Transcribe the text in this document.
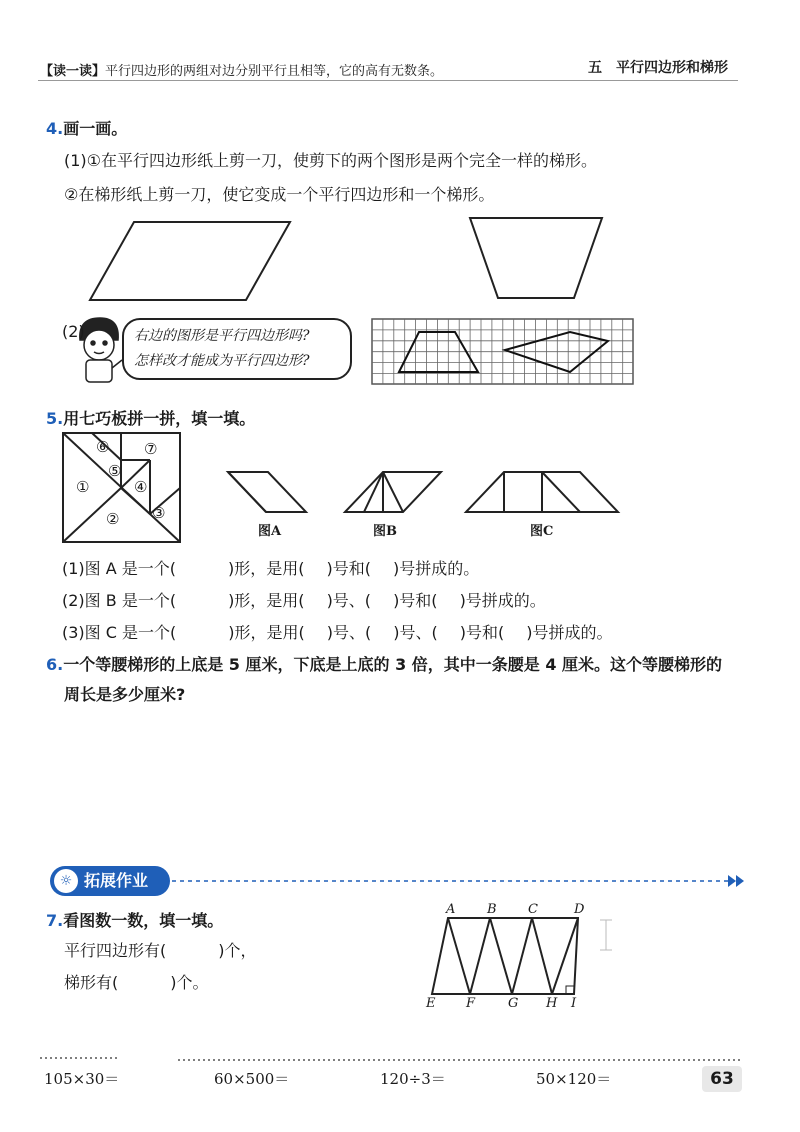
【读一读】平行四边形的两组对边分别平行且相等，它的高有无数条。	五　平行四边形和梯形
4.画一画。
(1)①在平行四边形纸上剪一刀，使剪下的两个图形是两个完全一样的梯形。
②在梯形纸上剪一刀，使它变成一个平行四边形和一个梯形。
(2)	右边的图形是平行四边形吗?
怎样改才能成为平行四边形?
5.用七巧板拼一拼，填一填。
①
② ③
④
⑤
⑥ ⑦
图A	图B	图C
(1)图 A 是一个(	)形，是用( )号和( )号拼成的。
(2)图 B 是一个(	)形，是用( )号、( )号和( )号拼成的。
(3)图 C 是一个(	)形，是用( )号、( )号、( )号和( )号拼成的。
6.一个等腰梯形的上底是 5 厘米，下底是上底的 3 倍，其中一条腰是 4 厘米。这个等腰梯形的
周长是多少厘米?
☼ 拓展作业
7.看图数一数，填一填。
平行四边形有(	)个，
梯形有(	)个。
A B C	D
E F	G H I
105×30＝	60×500＝	120÷3＝	50×120＝	63
